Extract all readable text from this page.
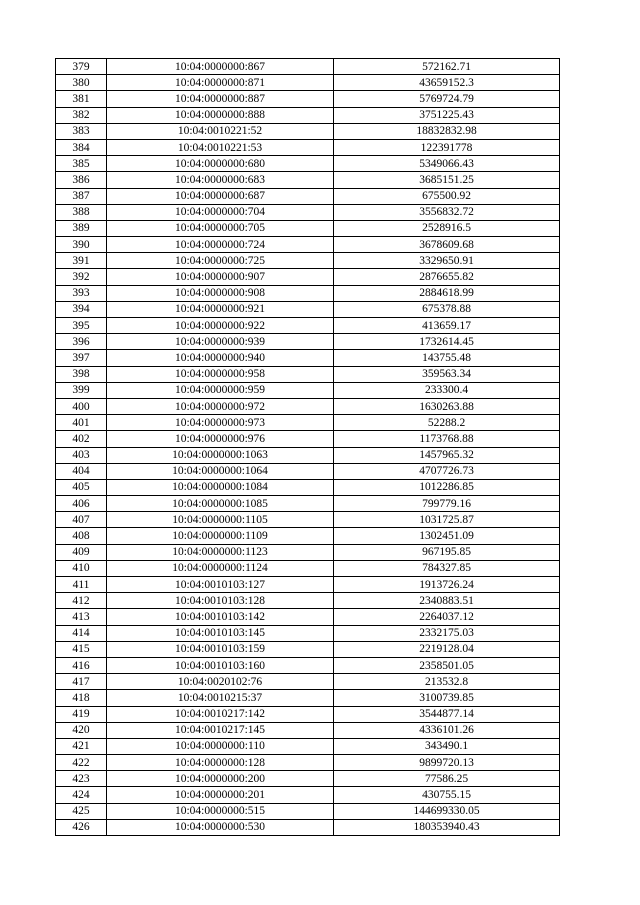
379	10:04:0000000:867	572162.71
380	10:04:0000000:871	43659152.3
381	10:04:0000000:887	5769724.79
382	10:04:0000000:888	3751225.43
383	10:04:0010221:52	18832832.98
384	10:04:0010221:53	122391778
385	10:04:0000000:680	5349066.43
386	10:04:0000000:683	3685151.25
387	10:04:0000000:687	675500.92
388	10:04:0000000:704	3556832.72
389	10:04:0000000:705	2528916.5
390	10:04:0000000:724	3678609.68
391	10:04:0000000:725	3329650.91
392	10:04:0000000:907	2876655.82
393	10:04:0000000:908	2884618.99
394	10:04:0000000:921	675378.88
395	10:04:0000000:922	413659.17
396	10:04:0000000:939	1732614.45
397	10:04:0000000:940	143755.48
398	10:04:0000000:958	359563.34
399	10:04:0000000:959	233300.4
400	10:04:0000000:972	1630263.88
401	10:04:0000000:973	52288.2
402	10:04:0000000:976	1173768.88
403	10:04:0000000:1063	1457965.32
404	10:04:0000000:1064	4707726.73
405	10:04:0000000:1084	1012286.85
406	10:04:0000000:1085	799779.16
407	10:04:0000000:1105	1031725.87
408	10:04:0000000:1109	1302451.09
409	10:04:0000000:1123	967195.85
410	10:04:0000000:1124	784327.85
411	10:04:0010103:127	1913726.24
412	10:04:0010103:128	2340883.51
413	10:04:0010103:142	2264037.12
414	10:04:0010103:145	2332175.03
415	10:04:0010103:159	2219128.04
416	10:04:0010103:160	2358501.05
417	10:04:0020102:76	213532.8
418	10:04:0010215:37	3100739.85
419	10:04:0010217:142	3544877.14
420	10:04:0010217:145	4336101.26
421	10:04:0000000:110	343490.1
422	10:04:0000000:128	9899720.13
423	10:04:0000000:200	77586.25
424	10:04:0000000:201	430755.15
425	10:04:0000000:515	144699330.05
426	10:04:0000000:530	180353940.43
